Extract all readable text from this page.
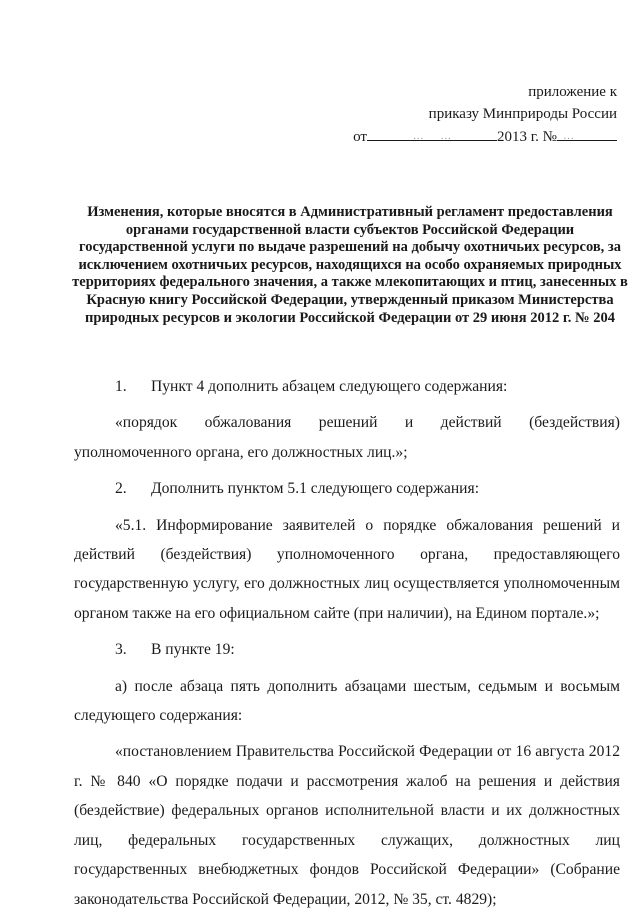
приложение к
приказу Минприроды России
от	… …	2013 г. № …
Изменения, которые вносятся в Административный регламент предоставления органами государственной власти субъектов Российской Федерации государственной услуги по выдаче разрешений на добычу охотничьих ресурсов, за исключением охотничьих ресурсов, находящихся на особо охраняемых природных территориях федерального значения, а также млекопитающих и птиц, занесенных в Красную книгу Российской Федерации, утвержденный приказом Министерства природных ресурсов и экологии Российской Федерации от 29 июня 2012 г. № 204

1. Пункт 4 дополнить абзацем следующего содержания:

«порядок обжалования решений и действий (бездействия) уполномоченного органа, его должностных лиц.»;

2. Дополнить пунктом 5.1 следующего содержания:

«5.1. Информирование заявителей о порядке обжалования решений и действий (бездействия) уполномоченного органа, предоставляющего государственную услугу, его должностных лиц осуществляется уполномоченным органом также на его официальном сайте (при наличии), на Едином портале.»;

3. В пункте 19:

а) после абзаца пять дополнить абзацами шестым, седьмым и восьмым следующего содержания:

«постановлением Правительства Российской Федерации от 16 августа 2012 г. № 840 «О порядке подачи и рассмотрения жалоб на решения и действия (бездействие) федеральных органов исполнительной власти и их должностных лиц, федеральных государственных служащих, должностных лиц государственных внебюджетных фондов Российской Федерации» (Собрание законодательства Российской Федерации, 2012, № 35, ст. 4829);
